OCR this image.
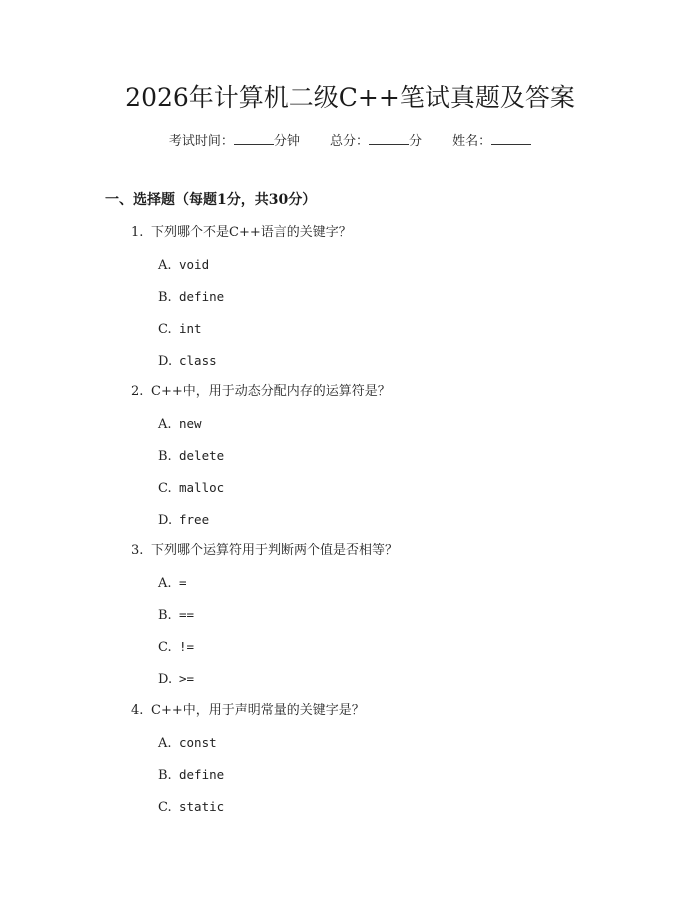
2026年计算机二级C++笔试真题及答案
考试时间：	分钟 总分：	分 姓名：
一、选择题（每题1分，共30分）
1. 下列哪个不是C++语言的关键字？
A. void
B. define
C. int
D. class
2. C++中，用于动态分配内存的运算符是？
A. new
B. delete
C. malloc
D. free
3. 下列哪个运算符用于判断两个值是否相等？
A. =
B. ==
C. !=
D. >=
4. C++中，用于声明常量的关键字是？
A. const
B. define
C. static
